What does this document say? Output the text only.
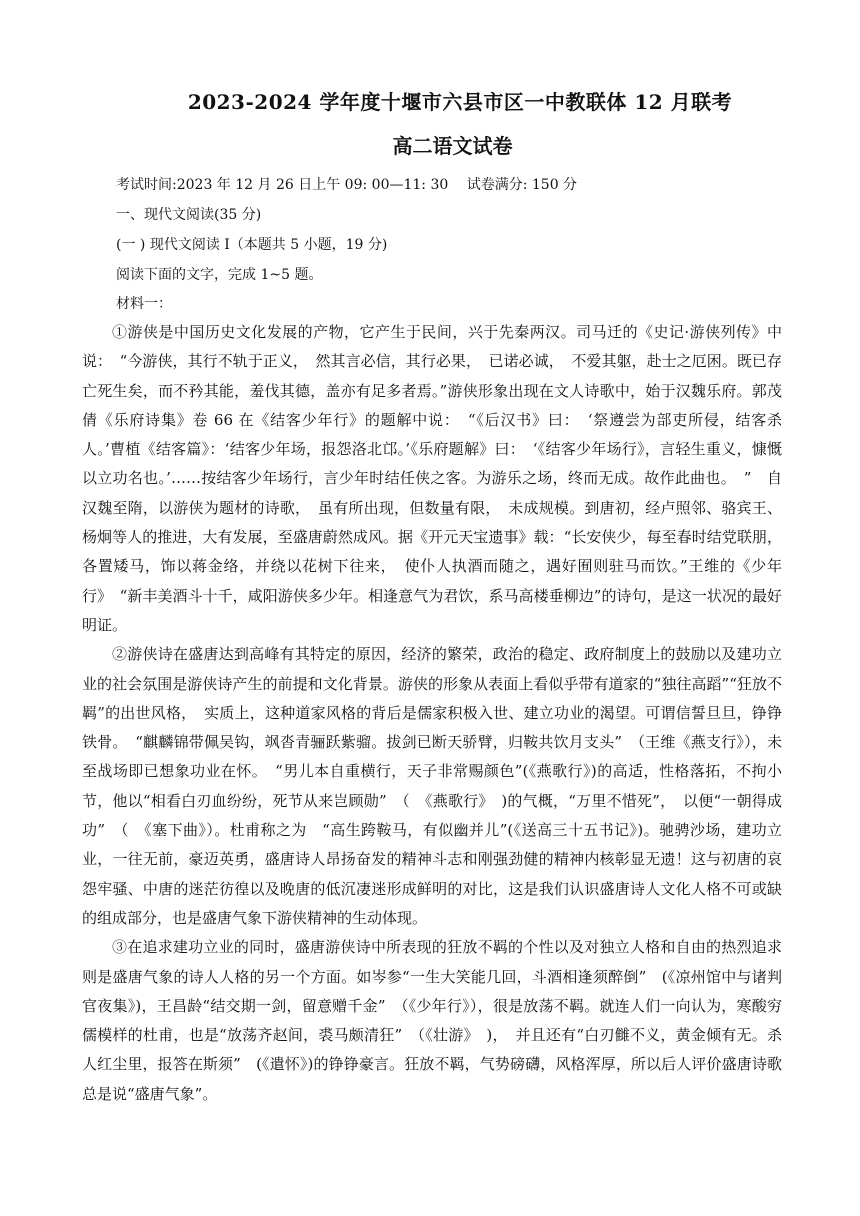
2023-2024 学年度十堰市六县市区一中教联体 12 月联考
高二语文试卷
考试时间:2023 年 12 月 26 日上午 09: 00—11: 30　 试卷满分: 150 分
一、现代文阅读(35 分)
(一 ) 现代文阅读 I（本题共 5 小题，19 分)
阅读下面的文字，完成 1~5 题。
材料一：

①游侠是中国历史文化发展的产物，它产生于民间，兴于先秦两汉。司马迁的《史记·游侠列传》中说：　“今游侠，其行不轨于正义，　然其言必信，其行必果，　已诺必诚，　不爱其躯，赴士之厄困。既已存亡死生矣，而不矜其能，羞伐其德，盖亦有足多者焉。”游侠形象出现在文人诗歌中，始于汉魏乐府。郭茂倩《乐府诗集》卷 66 在《结客少年行》的题解中说：　“《后汉书》曰：　‘祭遵尝为部吏所侵，结客杀人。’曹植《结客篇》：‘结客少年场，报怨洛北邙。’《乐府题解》曰：　‘《结客少年场行》，言轻生重义，慷慨以立功名也。’……按结客少年场行，言少年时结任侠之客。为游乐之场，终而无成。故作此曲也。　”　自汉魏至隋，以游侠为题材的诗歌，　虽有所出现，但数量有限，　未成规模。到唐初，经卢照邻、骆宾王、杨炯等人的推进，大有发展，至盛唐蔚然成风。据《开元天宝遗事》载：“长安侠少，每至春时结党联朋，各置矮马，饰以蒋金络，并绕以花树下往来，　使仆人执酒而随之，遇好囿则驻马而饮。”王维的《少年行》　“新丰美酒斗十千，咸阳游侠多少年。相逢意气为君饮，系马高楼垂柳边”的诗句，是这一状况的最好明证。

②游侠诗在盛唐达到高峰有其特定的原因，经济的繁荣，政治的稳定、政府制度上的鼓励以及建功立业的社会氛围是游侠诗产生的前提和文化背景。游侠的形象从表面上看似乎带有道家的“独往高蹈”“狂放不羁”的出世风格，　实质上，这种道家风格的背后是儒家积极入世、建立功业的渴望。可谓信誓旦旦，铮铮铁骨。　“麒麟锦带佩吴钩，飒沓青骊跃紫骝。拔剑已断天骄臂，归鞍共饮月支头”　（王维《燕支行》），未至战场即已想象功业在怀。　“男儿本自重横行，天子非常赐颜色”(《燕歌行》)的高适，性格落拓，不拘小节，他以“相看白刃血纷纷，死节从来岂顾勋”　（　《燕歌行》　)的气概，“万里不惜死”，　以便“一朝得成功”　（　《塞下曲》）。杜甫称之为　“高生跨鞍马，有似幽并儿”(《送高三十五书记》)。驰骋沙场，建功立业，一往无前，豪迈英勇，盛唐诗人昂扬奋发的精神斗志和刚强劲健的精神内核彰显无遗！这与初唐的哀怨牢骚、中唐的迷茫彷徨以及晚唐的低沉凄迷形成鲜明的对比，这是我们认识盛唐诗人文化人格不可或缺的组成部分，也是盛唐气象下游侠精神的生动体现。

③在追求建功立业的同时，盛唐游侠诗中所表现的狂放不羁的个性以及对独立人格和自由的热烈追求则是盛唐气象的诗人人格的另一个方面。如岑参“一生大笑能几回，斗酒相逢须醉倒”　(《凉州馆中与诸判官夜集》)，王昌龄“结交期一剑，留意赠千金”　（《少年行》），很是放荡不羁。就连人们一向认为，寒酸穷儒模样的杜甫，也是“放荡齐赵间，裘马颇清狂”　（《壮游》　)，　并且还有“白刃雠不义，黄金倾有无。杀人红尘里，报答在斯须”　(《遣怀》)的铮铮豪言。狂放不羁，气势磅礴，风格浑厚，所以后人评价盛唐诗歌总是说“盛唐气象”。
